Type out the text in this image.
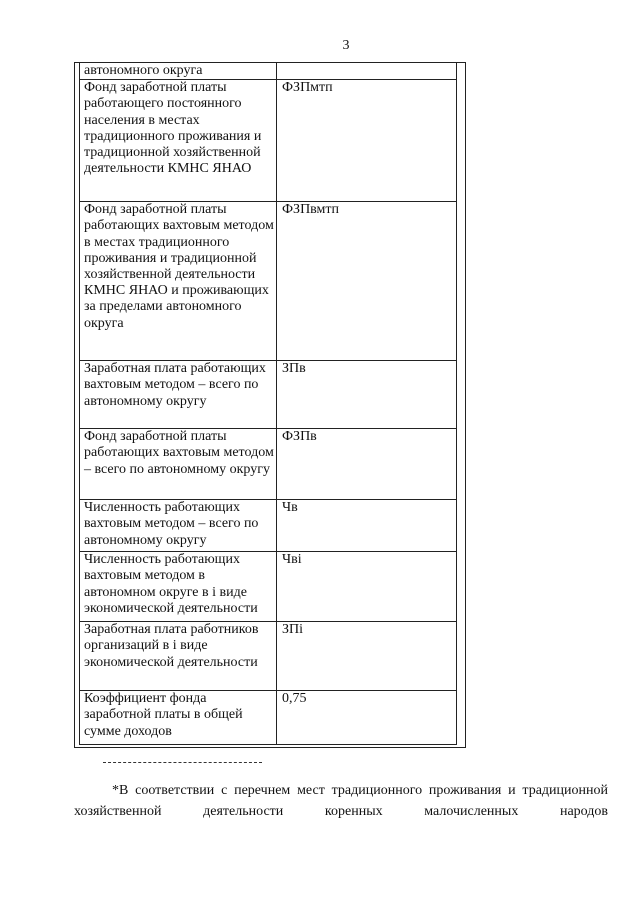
3
автономного округа	
Фонд заработной платы работающего постоянного населения в местах традиционного проживания и традиционной хозяйственной деятельности КМНС ЯНАО	ФЗПмтп
Фонд заработной платы работающих вахтовым методом в местах традиционного проживания и традиционной хозяйственной деятельности КМНС ЯНАО и проживающих за пределами автономного округа	ФЗПвмтп
Заработная плата работающих вахтовым методом – всего по автономному округу	ЗПв
Фонд заработной платы работающих вахтовым методом – всего по автономному округу	ФЗПв
Численность работающих вахтовым методом – всего по автономному округу	Чв
Численность работающих вахтовым методом в автономном округе в i виде экономической деятельности	Чвi
Заработная плата работников организаций в i виде экономической деятельности	ЗПi
Коэффициент фонда заработной платы в общей сумме доходов	0,75
*В соответствии с перечнем мест традиционного проживания и традиционной хозяйственной деятельности коренных малочисленных народов
